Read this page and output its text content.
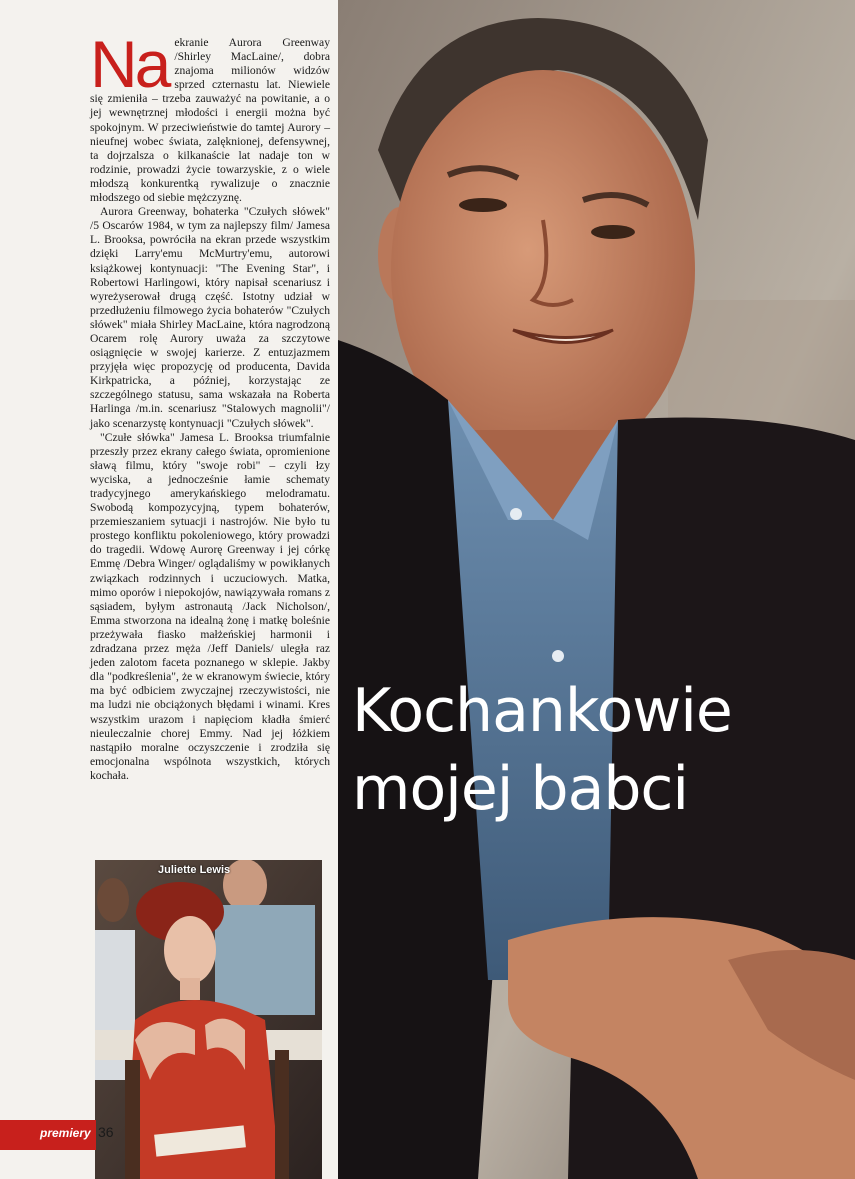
Na ekranie Aurora Greenway /Shirley MacLaine/, dobra znajoma milionów widzów sprzed czternastu lat. Niewiele się zmieniła – trzeba zauważyć na powitanie, a o jej wewnętrznej młodości i energii można być spokojnym. W przeciwieństwie do tamtej Aurory – nieufnej wobec świata, zalęknionej, defensywnej, ta dojrzalsza o kilkanaście lat nadaje ton w rodzinie, prowadzi życie towarzyskie, z o wiele młodszą konkurentką rywalizuje o znacznie młodszego od siebie mężczyznę.

Aurora Greenway, bohaterka "Czułych słówek" /5 Oscarów 1984, w tym za najlepszy film/ Jamesa L. Brooksa, powróciła na ekran przede wszystkim dzięki Larry'emu McMurtry'emu, autorowi książkowej kontynuacji: "The Evening Star", i Robertowi Harlingowi, który napisał scenariusz i wyreżyserował drugą część. Istotny udział w przedłużeniu filmowego życia bohaterów "Czułych słówek" miała Shirley MacLaine, która nagrodzoną Ocarem rolę Aurory uważa za szczytowe osiągnięcie w swojej karierze. Z entuzjazmem przyjęła więc propozycję od producenta, Davida Kirkpatricka, a później, korzystając ze szczególnego statusu, sama wskazała na Roberta Harlinga /m.in. scenariusz "Stalowych magnolii"/ jako scenarzystę kontynuacji "Czułych słówek".

"Czułe słówka" Jamesa L. Brooksa triumfalnie przeszły przez ekrany całego świata, opromienione sławą filmu, który "swoje robi" – czyli łzy wyciska, a jednocześnie łamie schematy tradycyjnego amerykańskiego melodramatu. Swobodą kompozycyjną, typem bohaterów, przemieszaniem sytuacji i nastrojów. Nie było tu prostego konfliktu pokoleniowego, który prowadzi do tragedii. Wdowę Aurorę Greenway i jej córkę Emmę /Debra Winger/ oglądaliśmy w powikłanych związkach rodzinnych i uczuciowych. Matka, mimo oporów i niepokojów, nawiązywała romans z sąsiadem, byłym astronautą /Jack Nicholson/, Emma stworzona na idealną żonę i matkę boleśnie przeżywała fiasko małżeńskiej harmonii i zdradzana przez męża /Jeff Daniels/ uległa raz jeden zalotom faceta poznanego w sklepie. Jakby dla "podkreślenia", że w ekranowym świecie, który ma być odbiciem zwyczajnej rzeczywistości, nie ma ludzi nie obciążonych błędami i winami. Kres wszystkim urazom i napięciom kładła śmierć nieuleczalnie chorej Emmy. Nad jej łóżkiem nastąpiło moralne oczyszczenie i zrodziła się emocjonalna wspólnota wszystkich, których kochała.

Juliette Lewis
premiery 36
Kochankowie
mojej babci
